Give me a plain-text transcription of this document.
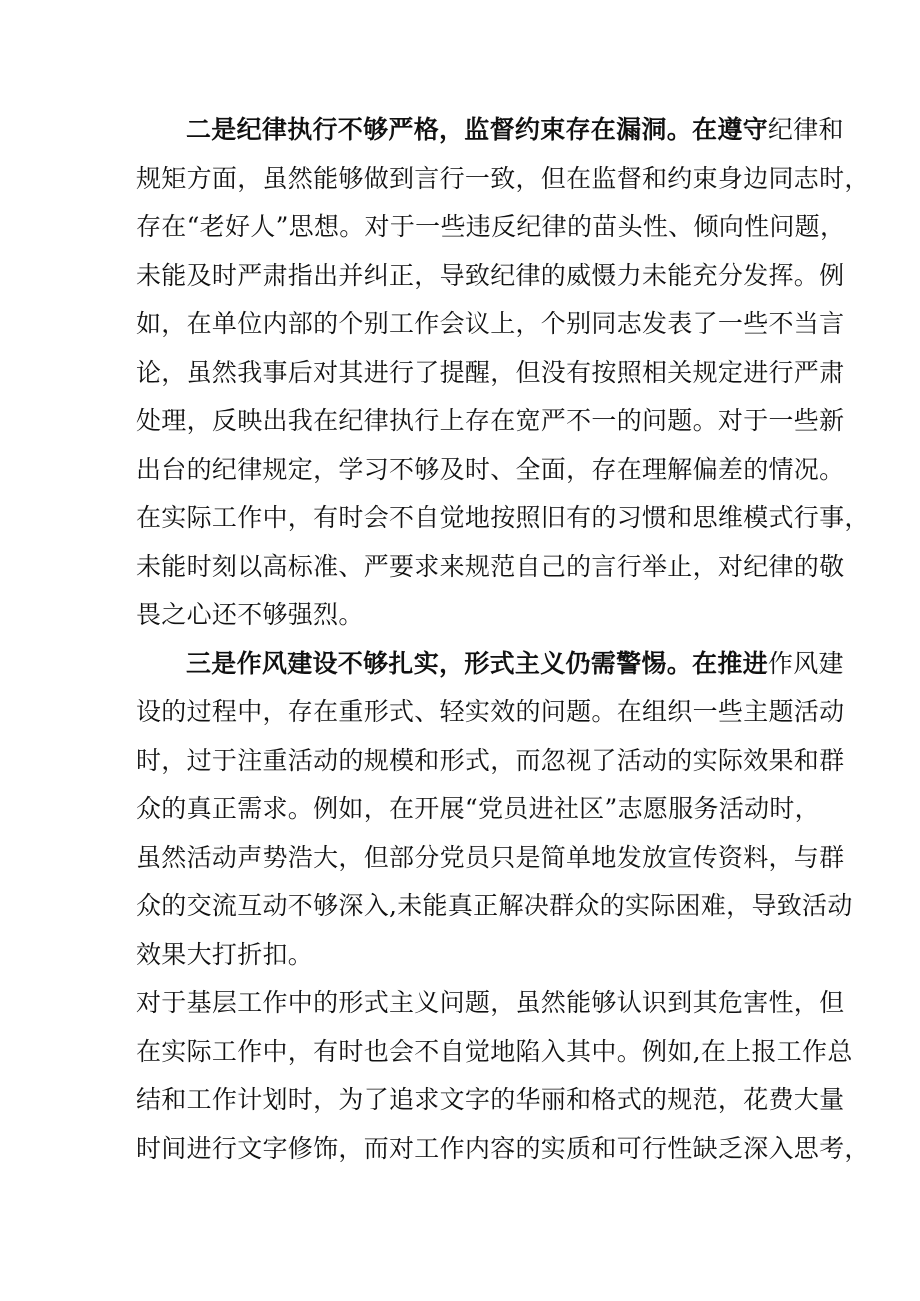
二是纪律执行不够严格，监督约束存在漏洞。在遵守纪律和
规矩方面，虽然能够做到言行一致，但在监督和约束身边同志时，
存在“老好人”思想。对于一些违反纪律的苗头性、倾向性问题，
未能及时严肃指出并纠正，导致纪律的威慑力未能充分发挥。例
如，在单位内部的个别工作会议上，个别同志发表了一些不当言
论，虽然我事后对其进行了提醒，但没有按照相关规定进行严肃
处理，反映出我在纪律执行上存在宽严不一的问题。对于一些新
出台的纪律规定，学习不够及时、全面，存在理解偏差的情况。
在实际工作中，有时会不自觉地按照旧有的习惯和思维模式行事，
未能时刻以高标准、严要求来规范自己的言行举止，对纪律的敬
畏之心还不够强烈。
三是作风建设不够扎实，形式主义仍需警惕。在推进作风建
设的过程中，存在重形式、轻实效的问题。在组织一些主题活动
时，过于注重活动的规模和形式，而忽视了活动的实际效果和群
众的真正需求。例如，在开展“党员进社区”志愿服务活动时，
虽然活动声势浩大，但部分党员只是简单地发放宣传资料，与群
众的交流互动不够深入,未能真正解决群众的实际困难，导致活动
效果大打折扣。
对于基层工作中的形式主义问题，虽然能够认识到其危害性，但
在实际工作中，有时也会不自觉地陷入其中。例如,在上报工作总
结和工作计划时，为了追求文字的华丽和格式的规范，花费大量
时间进行文字修饰，而对工作内容的实质和可行性缺乏深入思考，
